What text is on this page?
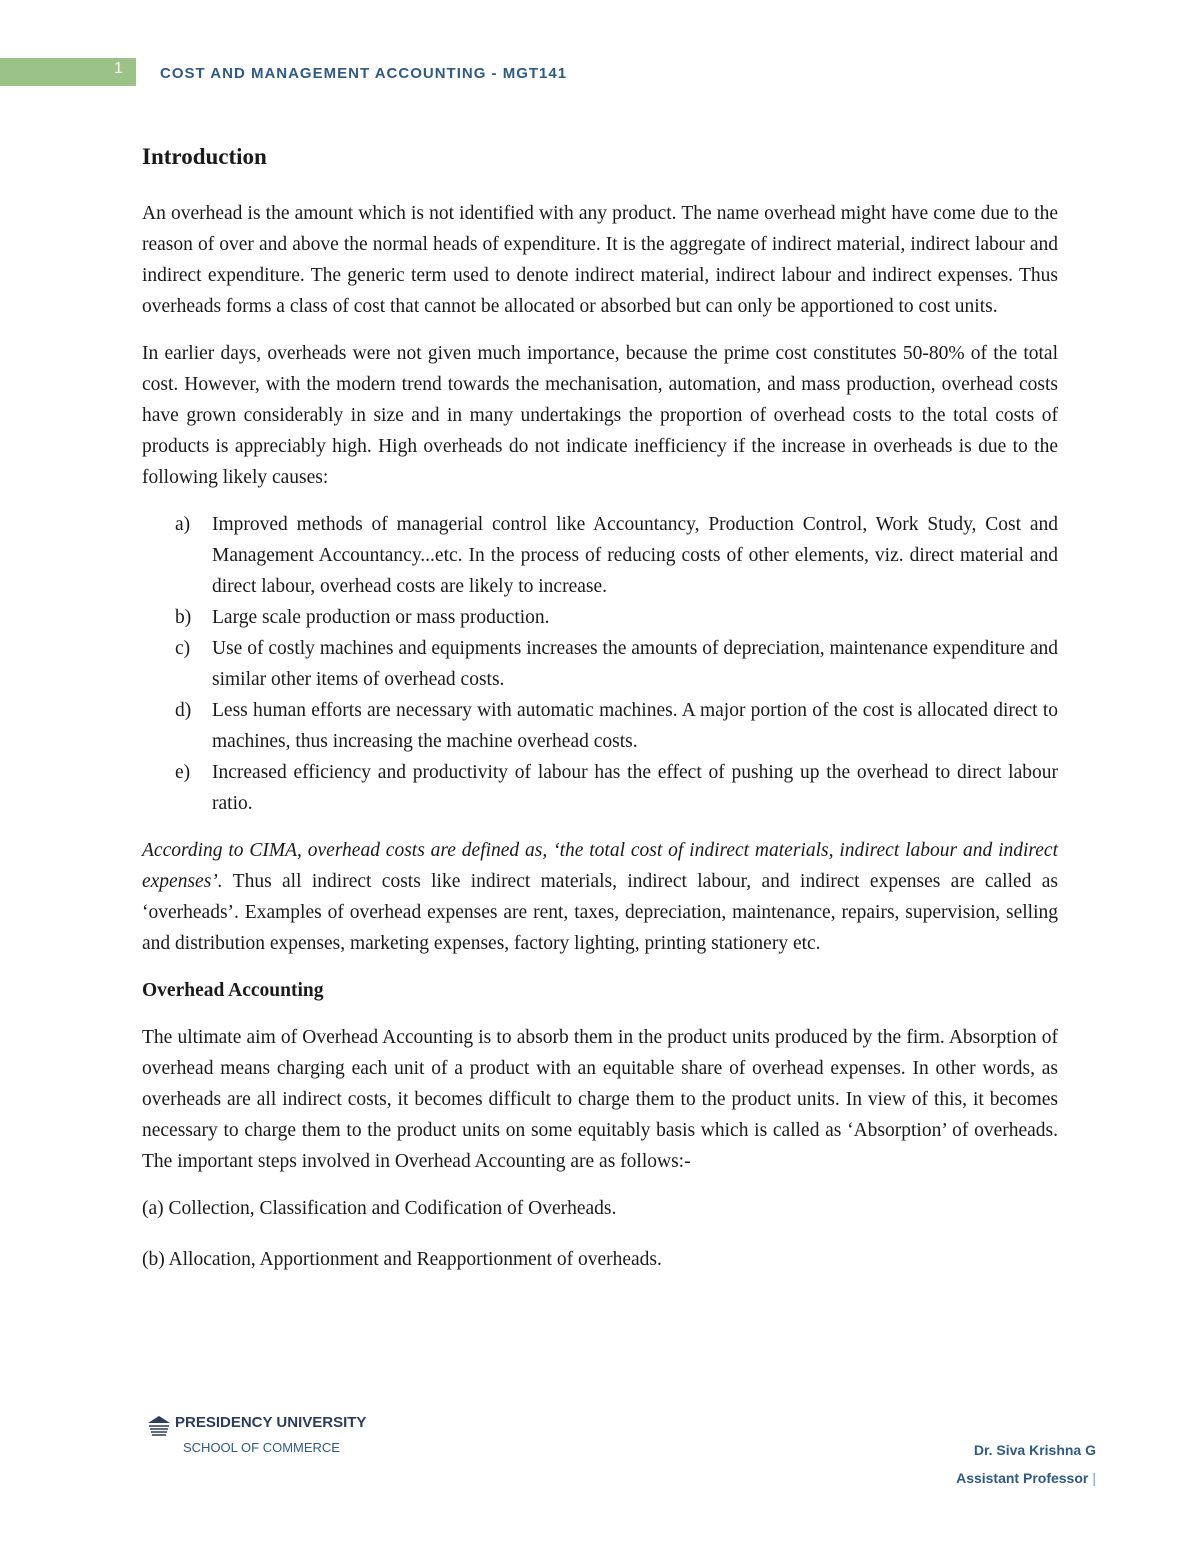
1	COST AND MANAGEMENT ACCOUNTING - MGT141
Introduction

An overhead is the amount which is not identified with any product. The name overhead might have come due to the reason of over and above the normal heads of expenditure. It is the aggregate of indirect material, indirect labour and indirect expenditure. The generic term used to denote indirect material, indirect labour and indirect expenses. Thus overheads forms a class of cost that cannot be allocated or absorbed but can only be apportioned to cost units.

In earlier days, overheads were not given much importance, because the prime cost constitutes 50-80% of the total cost. However, with the modern trend towards the mechanisation, automation, and mass production, overhead costs have grown considerably in size and in many undertakings the proportion of overhead costs to the total costs of products is appreciably high. High overheads do not indicate inefficiency if the increase in overheads is due to the following likely causes:

a) Improved methods of managerial control like Accountancy, Production Control, Work Study, Cost and Management Accountancy...etc. In the process of reducing costs of other elements, viz. direct material and direct labour, overhead costs are likely to increase.
b) Large scale production or mass production.
c) Use of costly machines and equipments increases the amounts of depreciation, maintenance expenditure and similar other items of overhead costs.
d) Less human efforts are necessary with automatic machines. A major portion of the cost is allocated direct to machines, thus increasing the machine overhead costs.
e) Increased efficiency and productivity of labour has the effect of pushing up the overhead to direct labour ratio.

According to CIMA, overhead costs are defined as, ‘the total cost of indirect materials, indirect labour and indirect expenses’. Thus all indirect costs like indirect materials, indirect labour, and indirect expenses are called as ‘overheads’. Examples of overhead expenses are rent, taxes, depreciation, maintenance, repairs, supervision, selling and distribution expenses, marketing expenses, factory lighting, printing stationery etc.

Overhead Accounting

The ultimate aim of Overhead Accounting is to absorb them in the product units produced by the firm. Absorption of overhead means charging each unit of a product with an equitable share of overhead expenses. In other words, as overheads are all indirect costs, it becomes difficult to charge them to the product units. In view of this, it becomes necessary to charge them to the product units on some equitably basis which is called as ‘Absorption’ of overheads. The important steps involved in Overhead Accounting are as follows:-

(a) Collection, Classification and Codification of Overheads.

(b) Allocation, Apportionment and Reapportionment of overheads.

PRESIDENCY UNIVERSITY
SCHOOL OF COMMERCE	Dr. Siva Krishna G
Assistant Professor |
